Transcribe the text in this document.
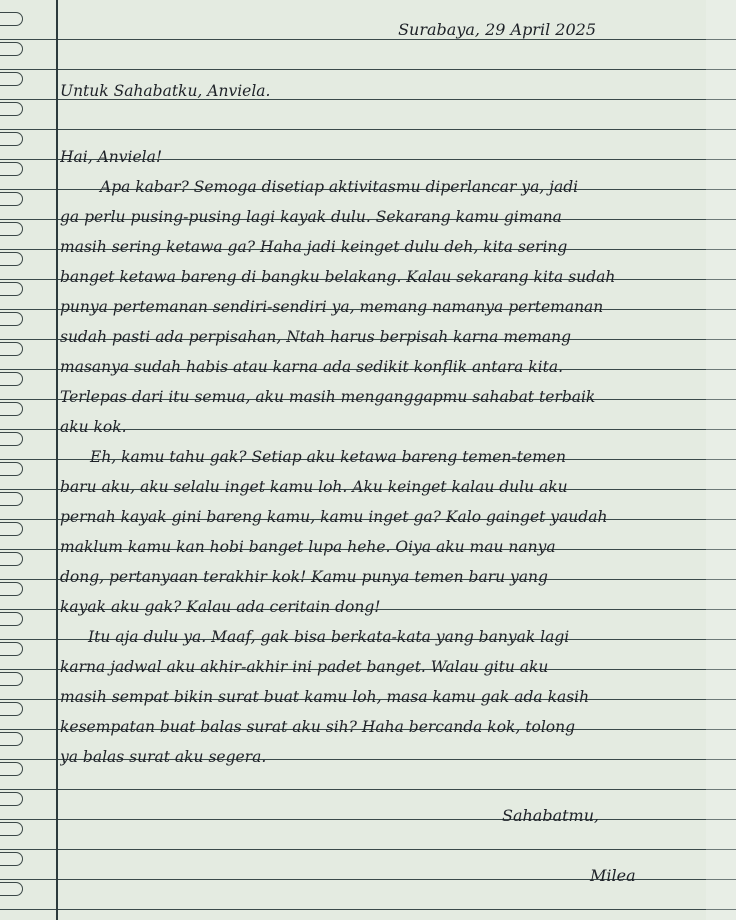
Surabaya, 29 April 2025
Untuk Sahabatku, Anviela.
Hai, Anviela!
Apa kabar? Semoga disetiap aktivitasmu diperlancar ya, jadi
ga perlu pusing-pusing lagi kayak dulu. Sekarang kamu gimana
masih sering ketawa ga? Haha jadi keinget dulu deh, kita sering
banget ketawa bareng di bangku belakang. Kalau sekarang kita sudah
punya pertemanan sendiri-sendiri ya, memang namanya pertemanan
sudah pasti ada perpisahan, Ntah harus berpisah karna memang
masanya sudah habis atau karna ada sedikit konflik antara kita.
Terlepas dari itu semua, aku masih menganggapmu sahabat terbaik
aku kok.
Eh, kamu tahu gak? Setiap aku ketawa bareng temen-temen
baru aku, aku selalu inget kamu loh. Aku keinget kalau dulu aku
pernah kayak gini bareng kamu, kamu inget ga? Kalo gainget yaudah
maklum kamu kan hobi banget lupa hehe. Oiya aku mau nanya
dong, pertanyaan terakhir kok! Kamu punya temen baru yang
kayak aku gak? Kalau ada ceritain dong!
Itu aja dulu ya. Maaf, gak bisa berkata-kata yang banyak lagi
karna jadwal aku akhir-akhir ini padet banget. Walau gitu aku
masih sempat bikin surat buat kamu loh, masa kamu gak ada kasih
kesempatan buat balas surat aku sih? Haha bercanda kok, tolong
ya balas surat aku segera.
Sahabatmu,
Milea
